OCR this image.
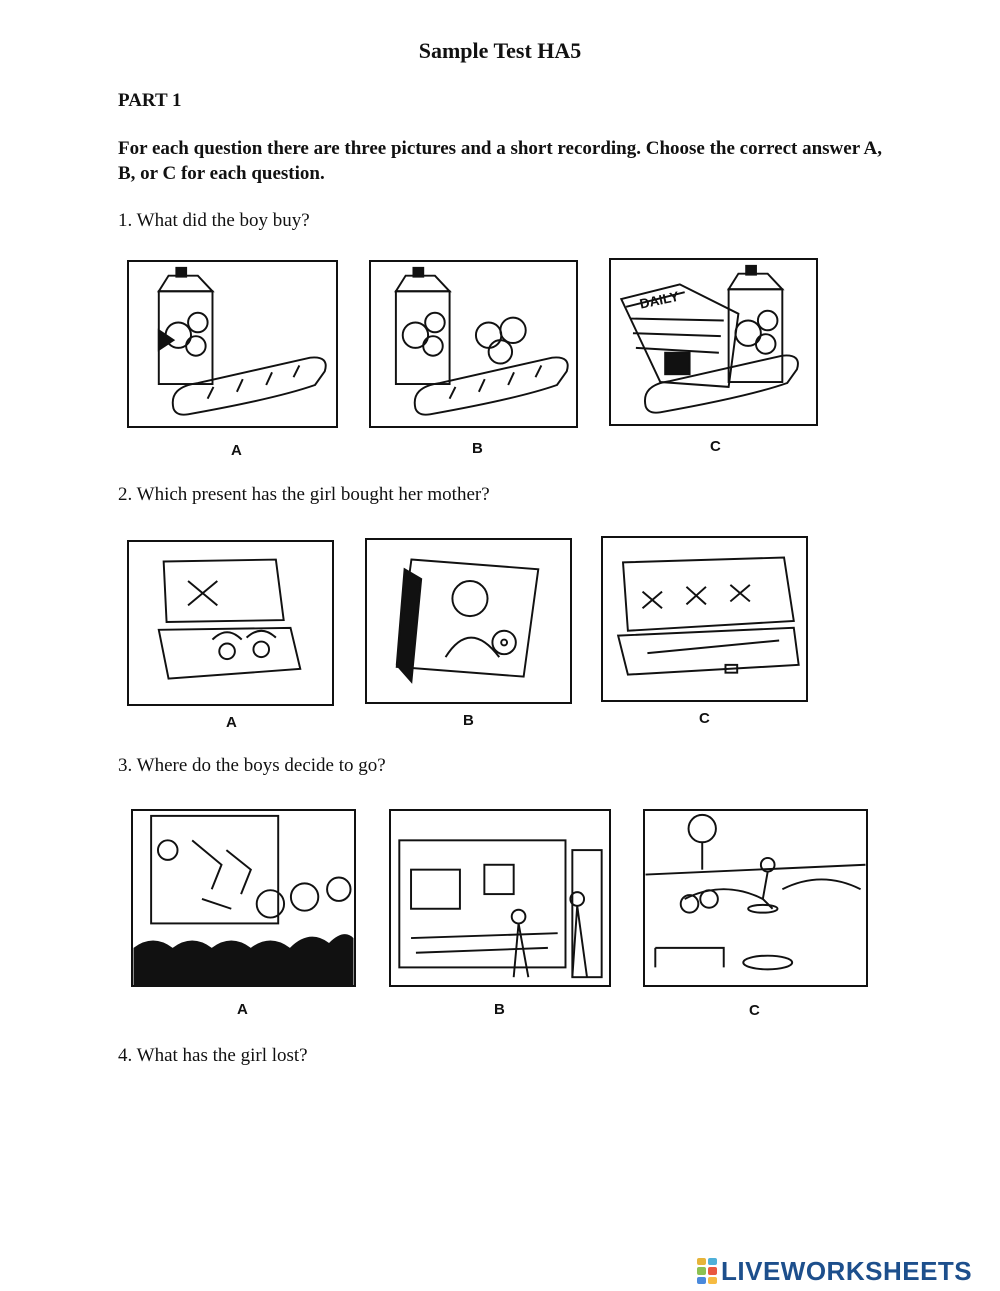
Sample Test HA5
PART 1
For each question there are three pictures and a short recording. Choose the correct answer A, B, or C for each question.
1. What did the boy buy?
DAILY
A	B	C
2. Which present has the girl bought her mother?
A	B	C
3. Where do the boys decide to go?
A	B	C
4. What has the girl lost?
LIVEWORKSHEETS
